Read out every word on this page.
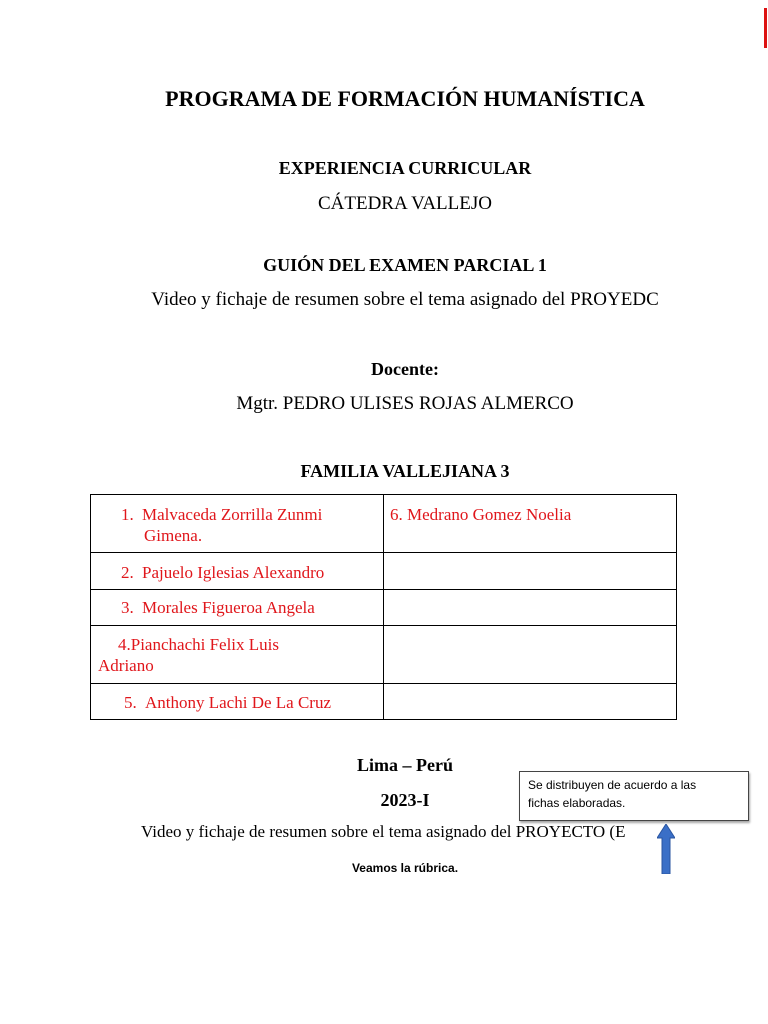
PROGRAMA DE FORMACIÓN HUMANÍSTICA
EXPERIENCIA CURRICULAR
CÁTEDRA VALLEJO
GUIÓN DEL EXAMEN PARCIAL 1
Video y fichaje de resumen sobre el tema asignado del PROYEDC
Docente:
Mgtr. PEDRO ULISES ROJAS ALMERCO
FAMILIA VALLEJIANA 3
1. Malvaceda Zorrilla Zunmi
Gimena.	6. Medrano Gomez Noelia

2. Pajuelo Iglesias Alexandro	

3. Morales Figueroa Angela	

4.Pianchachi Felix Luis
Adriano	

5. Anthony Lachi De La Cruz	

Lima – Perú
2023-I
Video y fichaje de resumen sobre el tema asignado del PROYECTO (E
Veamos la rúbrica.
Se distribuyen de acuerdo a las
fichas elaboradas.
